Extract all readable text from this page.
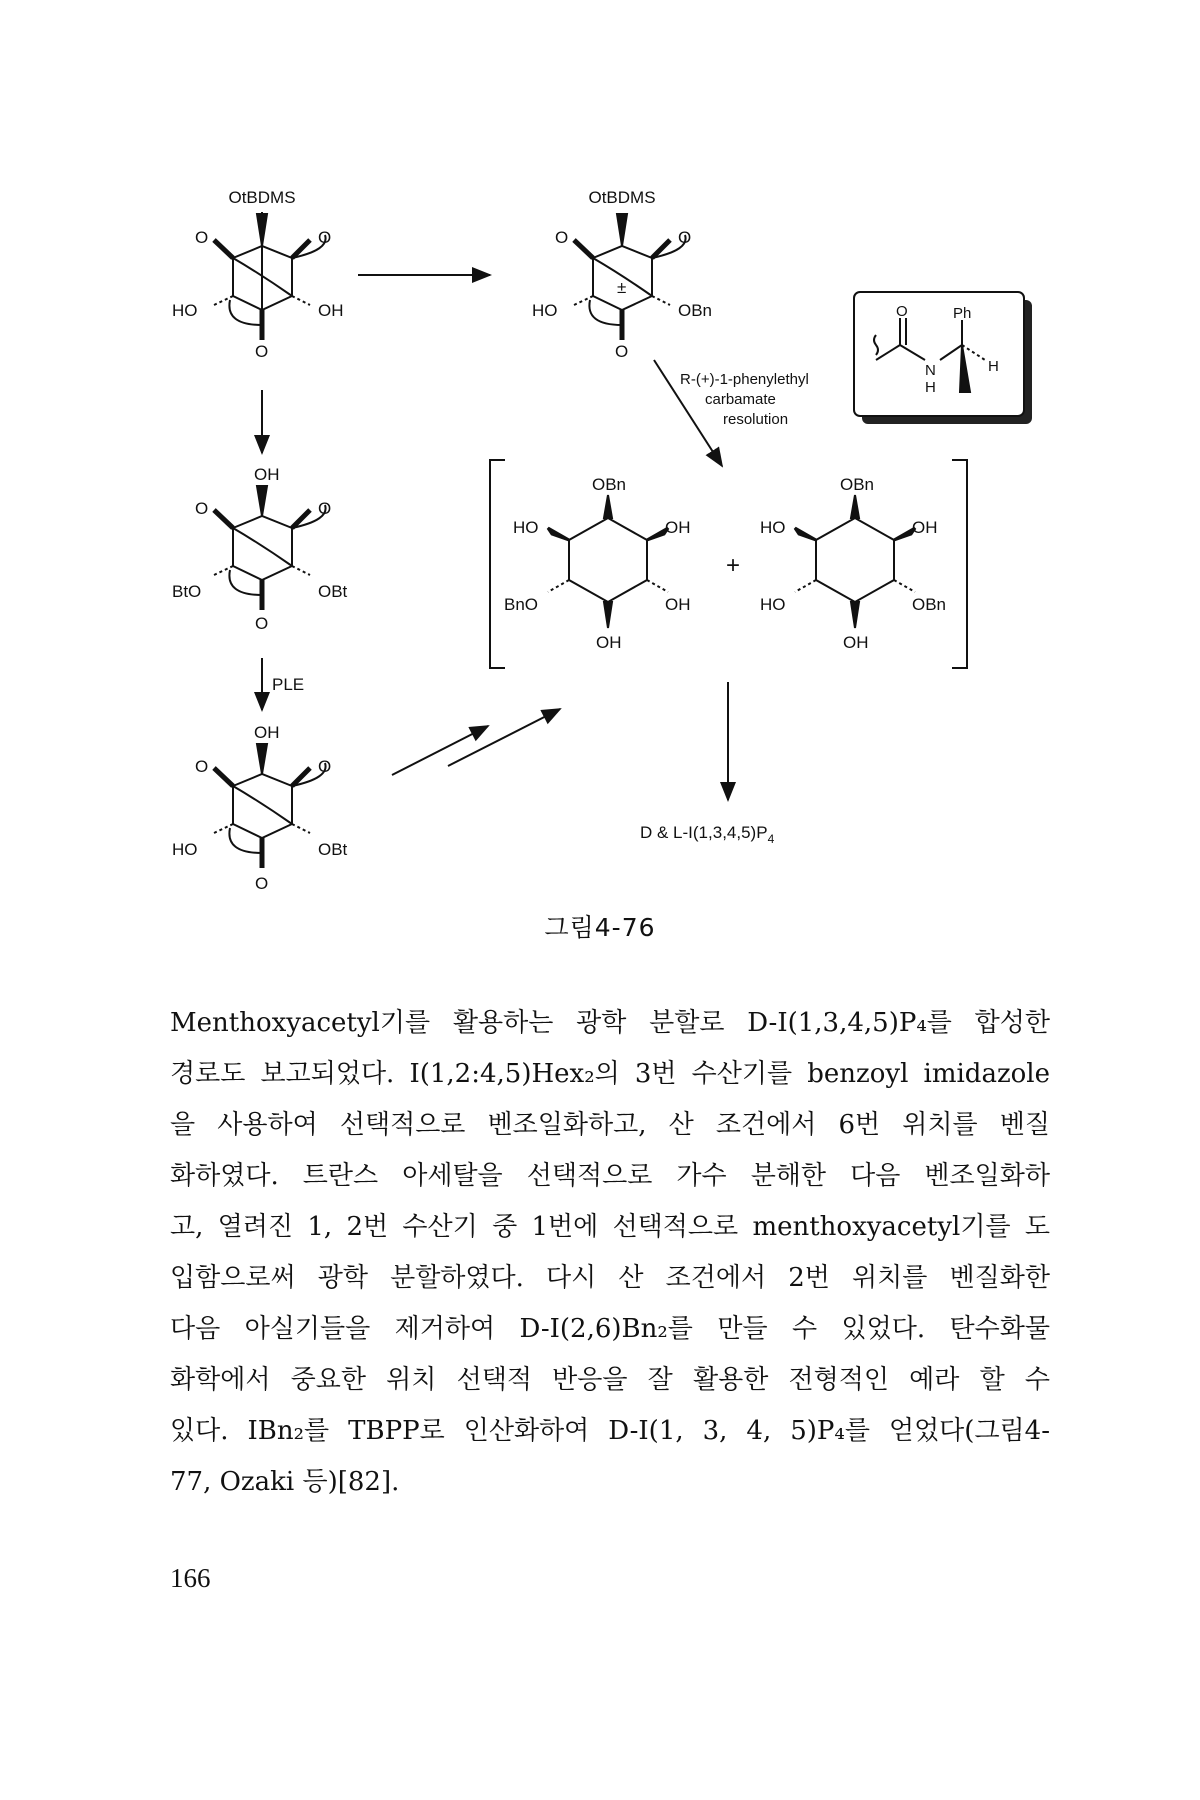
OtBDMS
O	O
HO	OH
O
OtBDMS
O	O
±
HO	OBn
O
O	Ph
N
H
H
R-(+)-1-phenylethyl
carbamate
resolution
OH
O	O
BtO	OBt
O
PLE
OH
O	O
HO	OBt
O
OBn
HO	OH
BnO	OH
OH
+
OBn
HO	OH
HO	OBn
OH
D & $L-I(1,3,4,5)P_4$
그림4-76
Menthoxyacetyl기를 활용하는 광학 분할로 D-I(1,3,4,5)P₄를 합성한
경로도 보고되었다. I(1,2:4,5)Hex₂의 3번 수산기를 benzoyl imidazole
을 사용하여 선택적으로 벤조일화하고, 산 조건에서 6번 위치를 벤질
화하였다. 트란스 아세탈을 선택적으로 가수 분해한 다음 벤조일화하
고, 열려진 1, 2번 수산기 중 1번에 선택적으로 menthoxyacetyl기를 도
입함으로써 광학 분할하였다. 다시 산 조건에서 2번 위치를 벤질화한
다음 아실기들을 제거하여 D-I(2,6)Bn₂를 만들 수 있었다. 탄수화물
화학에서 중요한 위치 선택적 반응을 잘 활용한 전형적인 예라 할 수
있다. IBn₂를 TBPP로 인산화하여 D-I(1, 3, 4, 5)P₄를 얻었다(그림4-
77, Ozaki 등)[82].
166
